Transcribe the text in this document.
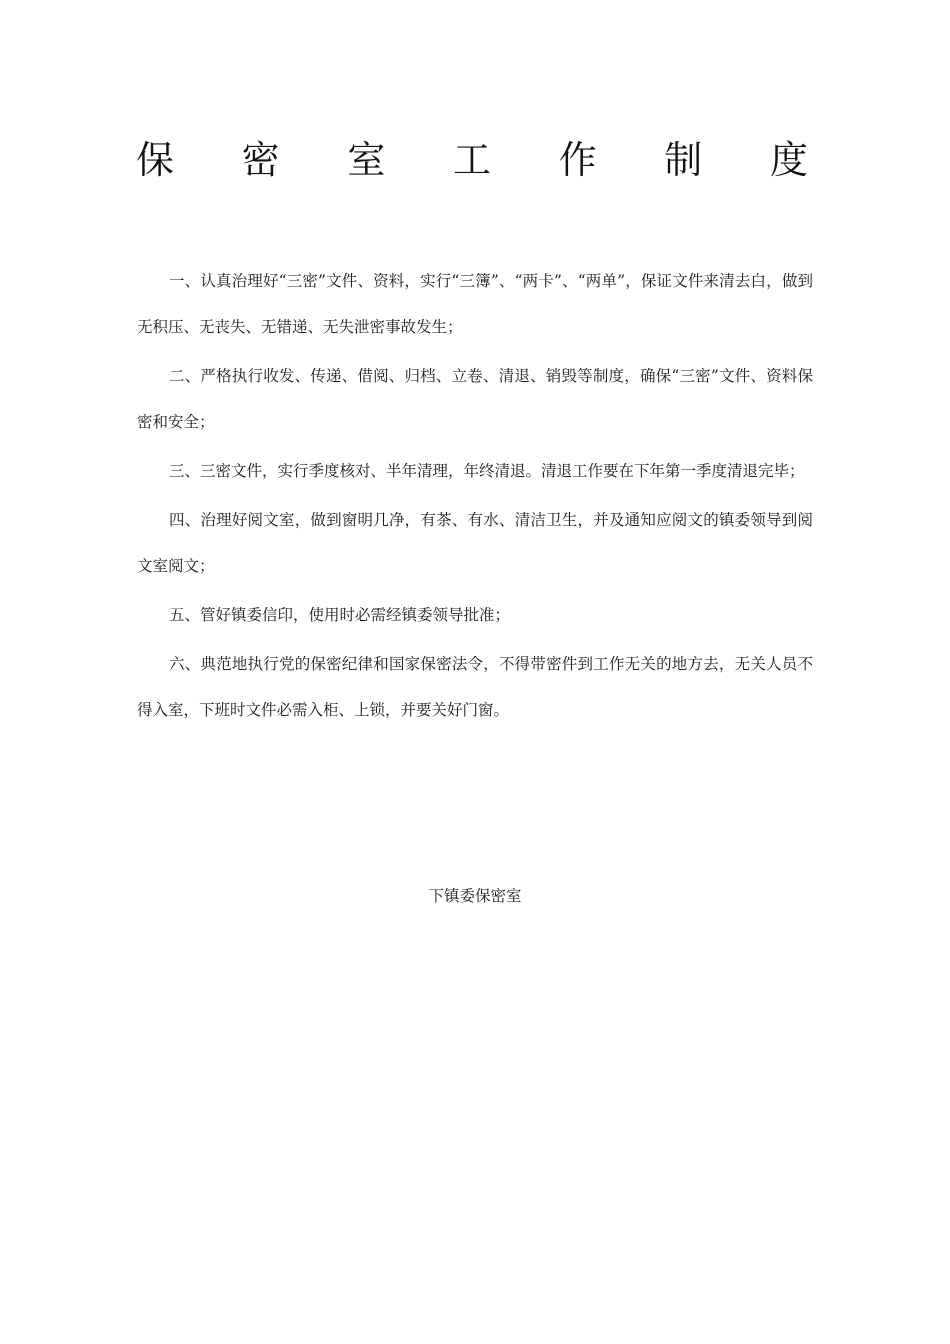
保 密 室 工 作 制 度

一、认真治理好“三密”文件、资料，实行“三簿”、“两卡”、“两单”，保证文件来清去白，做到无积压、无丧失、无错递、无失泄密事故发生；

二、严格执行收发、传递、借阅、归档、立卷、清退、销毁等制度，确保“三密”文件、资料保密和安全；

三、三密文件，实行季度核对、半年清理，年终清退。清退工作要在下年第一季度清退完毕；

四、治理好阅文室，做到窗明几净，有茶、有水、清洁卫生，并及通知应阅文的镇委领导到阅文室阅文；

五、管好镇委信印，使用时必需经镇委领导批准；

六、典范地执行党的保密纪律和国家保密法令，不得带密件到工作无关的地方去，无关人员不得入室，下班时文件必需入柜、上锁，并要关好门窗。

下镇委保密室
